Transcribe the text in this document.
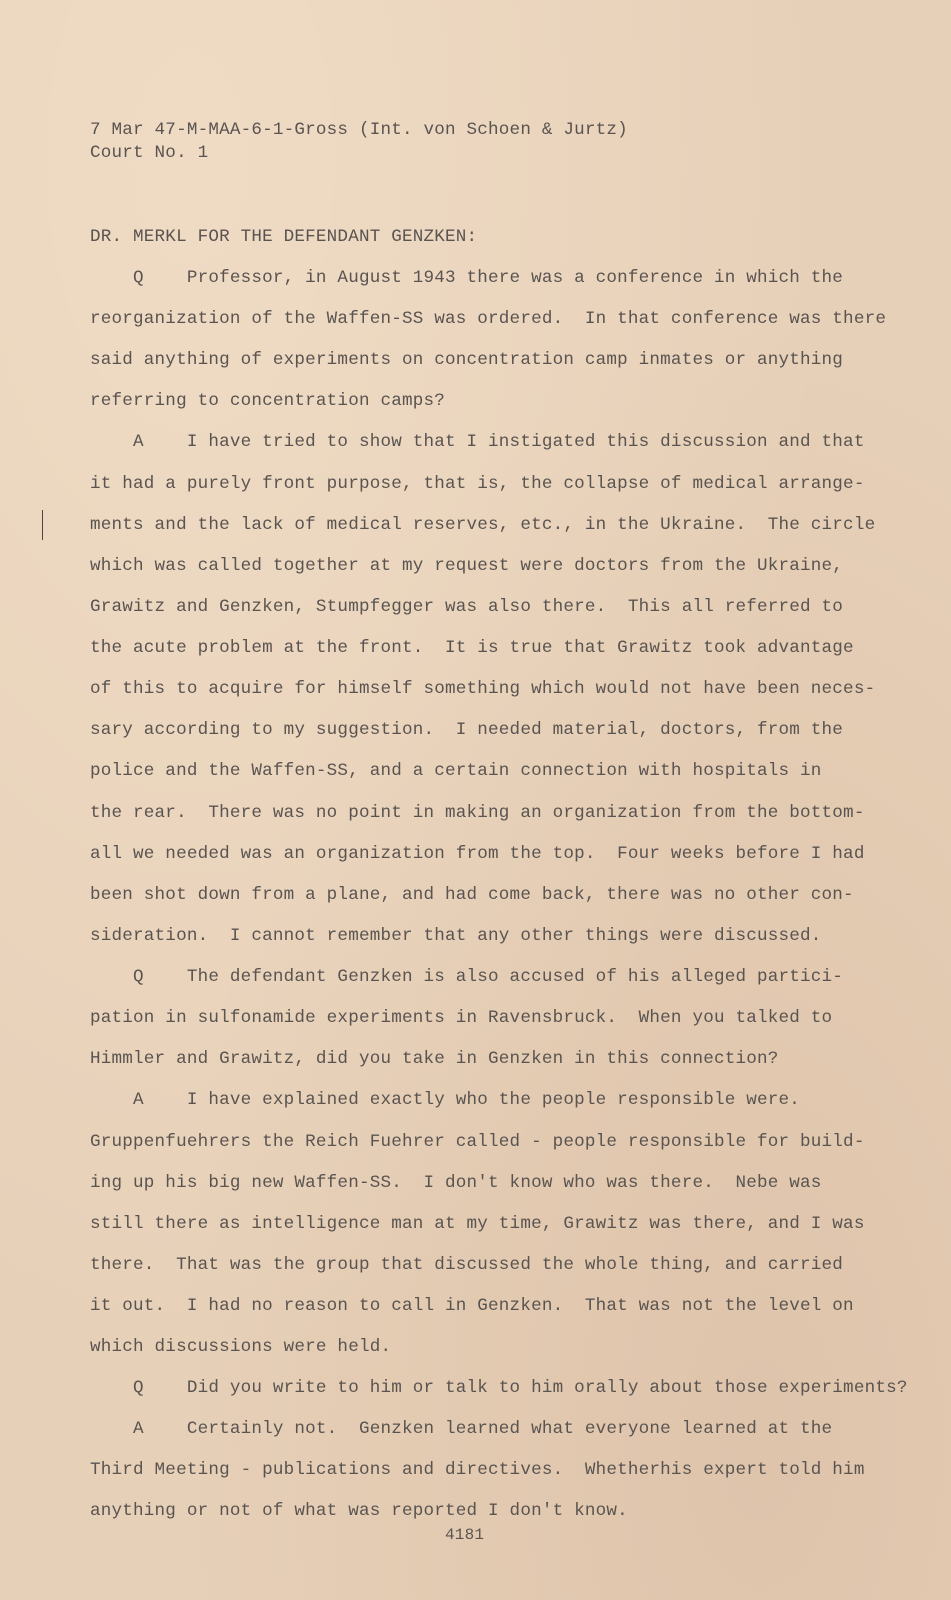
7 Mar 47-M-MAA-6-1-Gross (Int. von Schoen & Jurtz)
Court No. 1
DR. MERKL FOR THE DEFENDANT GENZKEN:
Q    Professor, in August 1943 there was a conference in which the
reorganization of the Waffen-SS was ordered.  In that conference was there
said anything of experiments on concentration camp inmates or anything
referring to concentration camps?
A    I have tried to show that I instigated this discussion and that
it had a purely front purpose, that is, the collapse of medical arrange-
ments and the lack of medical reserves, etc., in the Ukraine.  The circle
which was called together at my request were doctors from the Ukraine,
Grawitz and Genzken, Stumpfegger was also there.  This all referred to
the acute problem at the front.  It is true that Grawitz took advantage
of this to acquire for himself something which would not have been neces-
sary according to my suggestion.  I needed material, doctors, from the
police and the Waffen-SS, and a certain connection with hospitals in
the rear.  There was no point in making an organization from the bottom-
all we needed was an organization from the top.  Four weeks before I had
been shot down from a plane, and had come back, there was no other con-
sideration.  I cannot remember that any other things were discussed.
Q    The defendant Genzken is also accused of his alleged partici-
pation in sulfonamide experiments in Ravensbruck.  When you talked to
Himmler and Grawitz, did you take in Genzken in this connection?
A    I have explained exactly who the people responsible were.
Gruppenfuehrers the Reich Fuehrer called - people responsible for build-
ing up his big new Waffen-SS.  I don't know who was there.  Nebe was
still there as intelligence man at my time, Grawitz was there, and I was
there.  That was the group that discussed the whole thing, and carried
it out.  I had no reason to call in Genzken.  That was not the level on
which discussions were held.
Q    Did you write to him or talk to him orally about those experiments?
A    Certainly not.  Genzken learned what everyone learned at the
Third Meeting - publications and directives.  Whetherhis expert told him
anything or not of what was reported I don't know.
4181
